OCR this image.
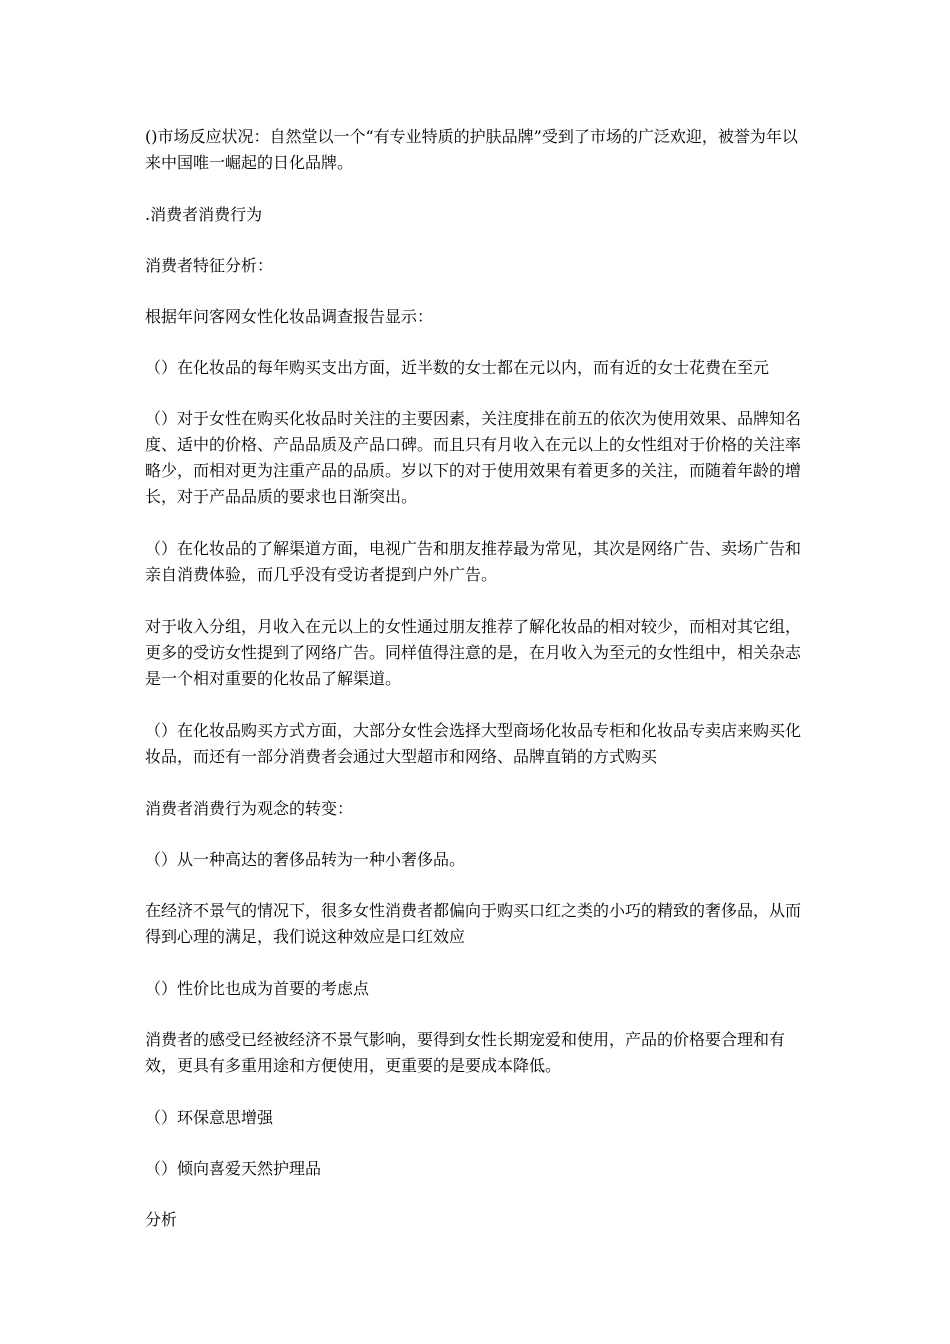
()市场反应状况：自然堂以一个“有专业特质的护肤品牌”受到了市场的广泛欢迎，被誉为年以来中国唯一崛起的日化品牌。

.消费者消费行为

消费者特征分析：

根据年问客网女性化妆品调查报告显示：

（）在化妆品的每年购买支出方面，近半数的女士都在元以内，而有近的女士花费在至元

（）对于女性在购买化妆品时关注的主要因素，关注度排在前五的依次为使用效果、品牌知名度、适中的价格、产品品质及产品口碑。而且只有月收入在元以上的女性组对于价格的关注率略少，而相对更为注重产品的品质。岁以下的对于使用效果有着更多的关注，而随着年龄的增长，对于产品品质的要求也日渐突出。

（）在化妆品的了解渠道方面，电视广告和朋友推荐最为常见，其次是网络广告、卖场广告和亲自消费体验，而几乎没有受访者提到户外广告。

对于收入分组，月收入在元以上的女性通过朋友推荐了解化妆品的相对较少，而相对其它组，更多的受访女性提到了网络广告。同样值得注意的是，在月收入为至元的女性组中，相关杂志是一个相对重要的化妆品了解渠道。

（）在化妆品购买方式方面，大部分女性会选择大型商场化妆品专柜和化妆品专卖店来购买化妆品，而还有一部分消费者会通过大型超市和网络、品牌直销的方式购买

消费者消费行为观念的转变：

（）从一种高达的奢侈品转为一种小奢侈品。

在经济不景气的情况下，很多女性消费者都偏向于购买口红之类的小巧的精致的奢侈品，从而得到心理的满足，我们说这种效应是口红效应

（）性价比也成为首要的考虑点

消费者的感受已经被经济不景气影响，要得到女性长期宠爱和使用，产品的价格要合理和有效，更具有多重用途和方便使用，更重要的是要成本降低。

（）环保意思增强

（）倾向喜爱天然护理品

分析
